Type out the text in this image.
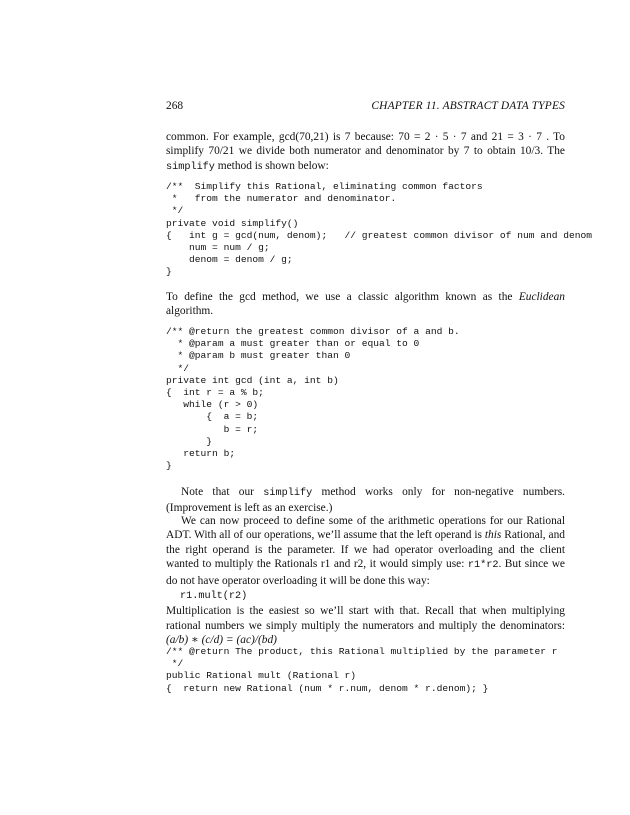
268	CHAPTER 11. ABSTRACT DATA TYPES

common. For example, gcd(70,21) is 7 because: 70 = 2 · 5 · 7 and 21 = 3 · 7 . To simplify 70/21 we divide both numerator and denominator by 7 to obtain 10/3. The simplify method is shown below:

/**  Simplify this Rational, eliminating common factors
*   from the numerator and denominator.
*/
private void simplify()
{   int g = gcd(num, denom);   // greatest common divisor of num and denom
num = num / g;
denom = denom / g;
}

To define the gcd method, we use a classic algorithm known as the Euclidean algorithm.

/** @return the greatest common divisor of a and b.
* @param a must greater than or equal to 0
* @param b must greater than 0
*/
private int gcd (int a, int b)
{  int r = a % b;
while (r > 0)
{  a = b;
b = r;
}
return b;
}

Note that our simplify method works only for non-negative numbers. (Improvement is left as an exercise.)

We can now proceed to define some of the arithmetic operations for our Rational ADT. With all of our operations, we’ll assume that the left operand is this Rational, and the right operand is the parameter. If we had operator overloading and the client wanted to multiply the Rationals r1 and r2, it would simply use: r1*r2. But since we do not have operator overloading it will be done this way:

r1.mult(r2)

Multiplication is the easiest so we’ll start with that. Recall that when multiplying rational numbers we simply multiply the numerators and multiply the denominators: (a/b) ∗ (c/d) = (ac)/(bd)

/** @return The product, this Rational multiplied by the parameter r
*/
public Rational mult (Rational r)
{  return new Rational (num * r.num, denom * r.denom); }
